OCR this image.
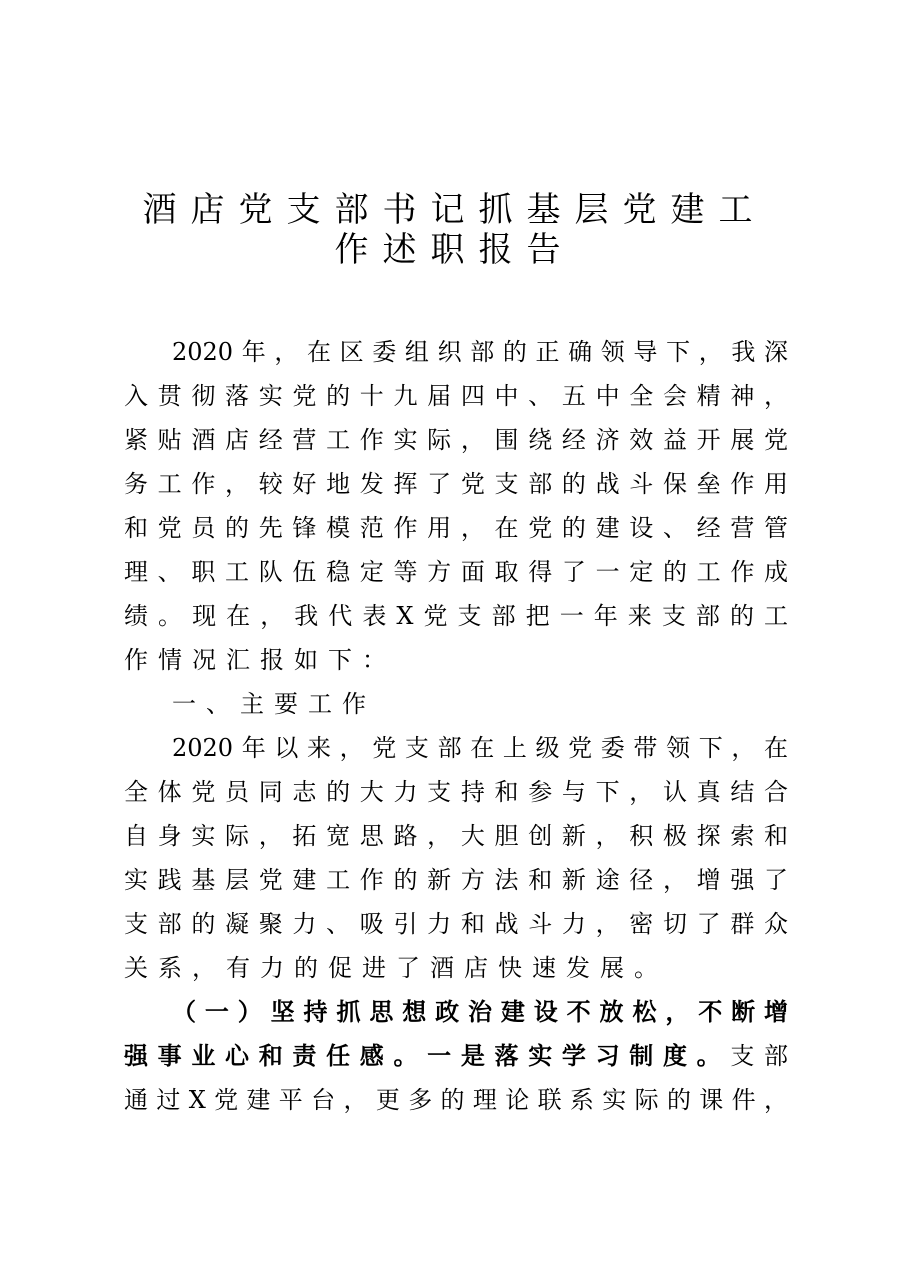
酒店党支部书记抓基层党建工
作述职报告
2020年，在区委组织部的正确领导下，我深
入贯彻落实党的十九届四中、五中全会精神，
紧贴酒店经营工作实际，围绕经济效益开展党
务工作，较好地发挥了党支部的战斗保垒作用
和党员的先锋模范作用，在党的建设、经营管
理、职工队伍稳定等方面取得了一定的工作成
绩。现在，我代表X党支部把一年来支部的工
作情况汇报如下：
一、主要工作
2020年以来，党支部在上级党委带领下，在
全体党员同志的大力支持和参与下，认真结合
自身实际，拓宽思路，大胆创新，积极探索和
实践基层党建工作的新方法和新途径，增强了
支部的凝聚力、吸引力和战斗力，密切了群众
关系，有力的促进了酒店快速发展。
（一）坚持抓思想政治建设不放松，不断增
强事业心和责任感。一是落实学习制度。支部
通过X党建平台，更多的理论联系实际的课件，
